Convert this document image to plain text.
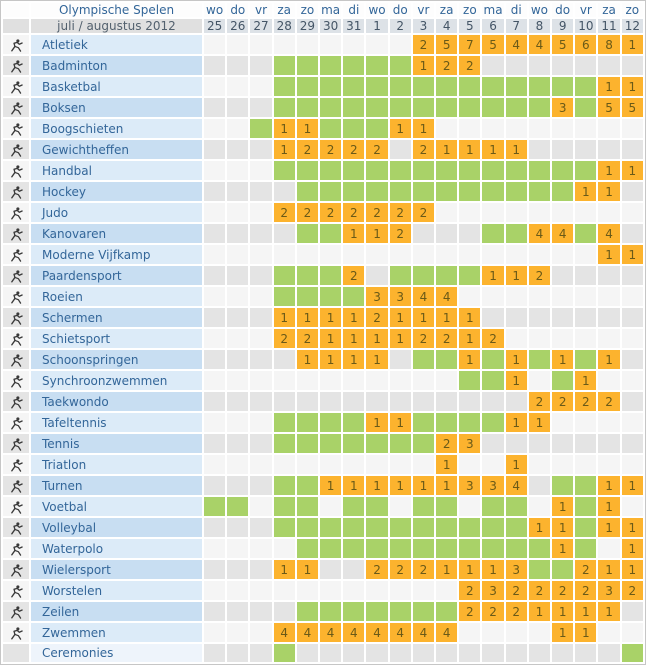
	Olympische Spelen	wo	do	vr	za	zo	ma	di	wo	do	vr	za	zo	ma	di	wo	do	vr	za	zo
	juli / augustus 2012	25	26	27	28	29	30	31	1	2	3	4	5	6	7	8	9	10	11	12
	Atletiek										2	5	7	5	4	4	5	6	8	1
	Badminton										1	2	2							
	Basketbal																		1	1
	Boksen																3		5	5
	Boogschieten				1	1				1	1									
	Gewichtheffen				1	2	2	2	2		2	1	1	1	1					
	Handbal																		1	1
	Hockey																	1	1	
	Judo				2	2	2	2	2	2	2									
	Kanovaren							1	1	2						4	4		4	
	Moderne Vijfkamp																		1	1
	Paardensport							2						1	1	2				
	Roeien								3	3	4	4								
	Schermen				1	1	1	1	2	1	1	1	1							
	Schietsport				2	2	1	1	1	1	2	2	1	2						
	Schoonspringen					1	1	1	1				1		1		1		1	
	Synchroonzwemmen														1			1		
	Taekwondo															2	2	2	2	
	Tafeltennis								1	1					1	1				
	Tennis											2	3							
	Triatlon											1			1					
	Turnen						1	1	1	1	1	1	3	3	4				1	1
	Voetbal																1		1	
	Volleybal															1	1		1	1
	Waterpolo																1			1
	Wielersport				1	1			2	2	2	1	1	1	3			2	1	1
	Worstelen												2	3	2	2	2	2	3	2
	Zeilen												2	2	2	1	1	1	1	
	Zwemmen				4	4	4	4	4	4	4	4					1	1		
	Ceremonies																			
